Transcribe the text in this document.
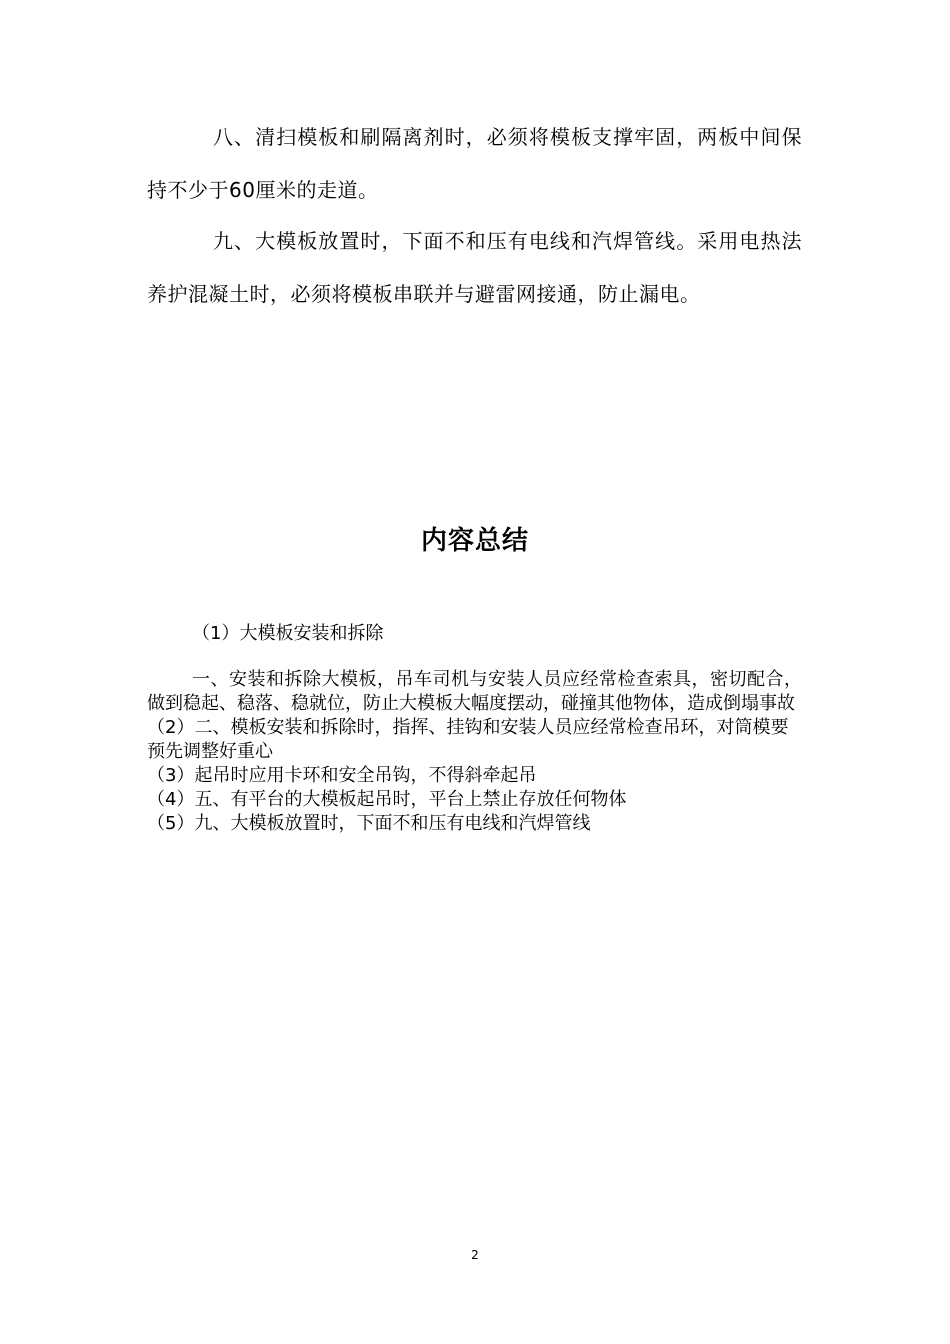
八、清扫模板和刷隔离剂时，必须将模板支撑牢固，两板中间保持不少于60厘米的走道。

九、大模板放置时，下面不和压有电线和汽焊管线。采用电热法养护混凝土时，必须将模板串联并与避雷网接通，防止漏电。

内容总结

（1）大模板安装和拆除

一、安装和拆除大模板，吊车司机与安装人员应经常检查索具，密切配合，做到稳起、稳落、稳就位，防止大模板大幅度摆动，碰撞其他物体，造成倒塌事故

（2）二、模板安装和拆除时，指挥、挂钩和安装人员应经常检查吊环，对筒模要预先调整好重心

（3）起吊时应用卡环和安全吊钩，不得斜牵起吊

（4）五、有平台的大模板起吊时，平台上禁止存放任何物体

（5）九、大模板放置时，下面不和压有电线和汽焊管线

2
